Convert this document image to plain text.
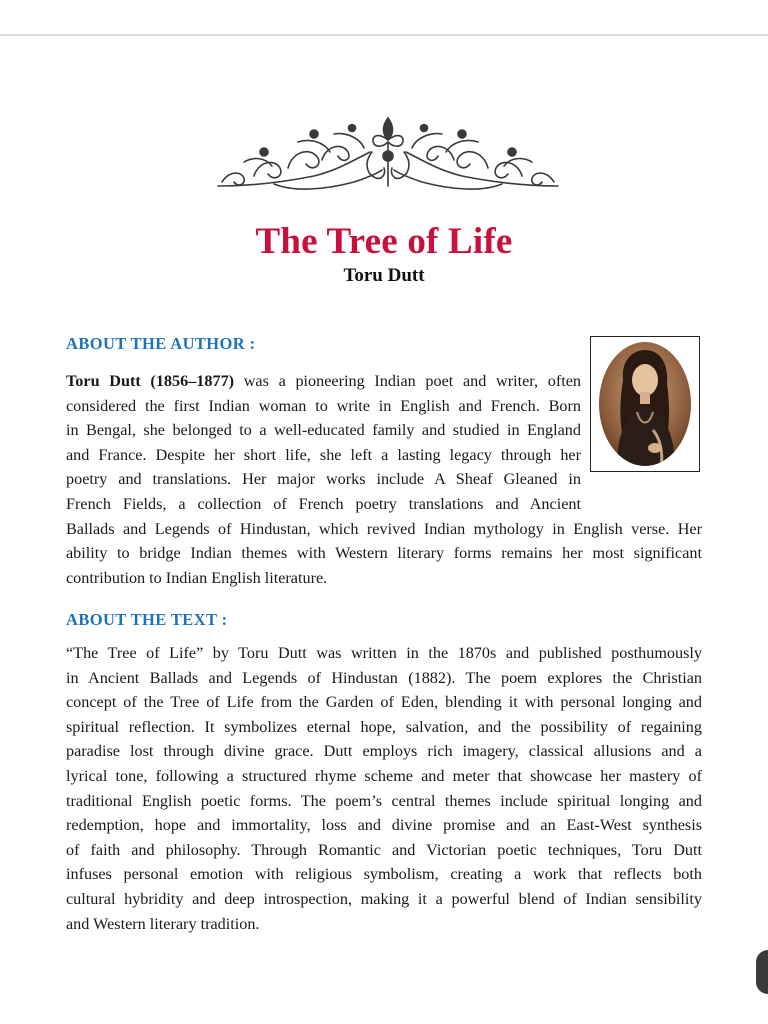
The Tree of Life
Toru Dutt
ABOUT THE AUTHOR :
Toru Dutt (1856–1877) was a pioneering Indian poet and writer, often
considered the first Indian woman to write in English and French. Born
in Bengal, she belonged to a well-educated family and studied in England
and France. Despite her short life, she left a lasting legacy through her
poetry and translations. Her major works include A Sheaf Gleaned in
French Fields, a collection of French poetry translations and Ancient
Ballads and Legends of Hindustan, which revived Indian mythology in English verse. Her
ability to bridge Indian themes with Western literary forms remains her most significant
contribution to Indian English literature.
ABOUT THE TEXT :
“The Tree of Life” by Toru Dutt was written in the 1870s and published posthumously
in Ancient Ballads and Legends of Hindustan (1882). The poem explores the Christian
concept of the Tree of Life from the Garden of Eden, blending it with personal longing and
spiritual reflection. It symbolizes eternal hope, salvation, and the possibility of regaining
paradise lost through divine grace. Dutt employs rich imagery, classical allusions and a
lyrical tone, following a structured rhyme scheme and meter that showcase her mastery of
traditional English poetic forms. The poem’s central themes include spiritual longing and
redemption, hope and immortality, loss and divine promise and an East-West synthesis
of faith and philosophy. Through Romantic and Victorian poetic techniques, Toru Dutt
infuses personal emotion with religious symbolism, creating a work that reflects both
cultural hybridity and deep introspection, making it a powerful blend of Indian sensibility
and Western literary tradition.
